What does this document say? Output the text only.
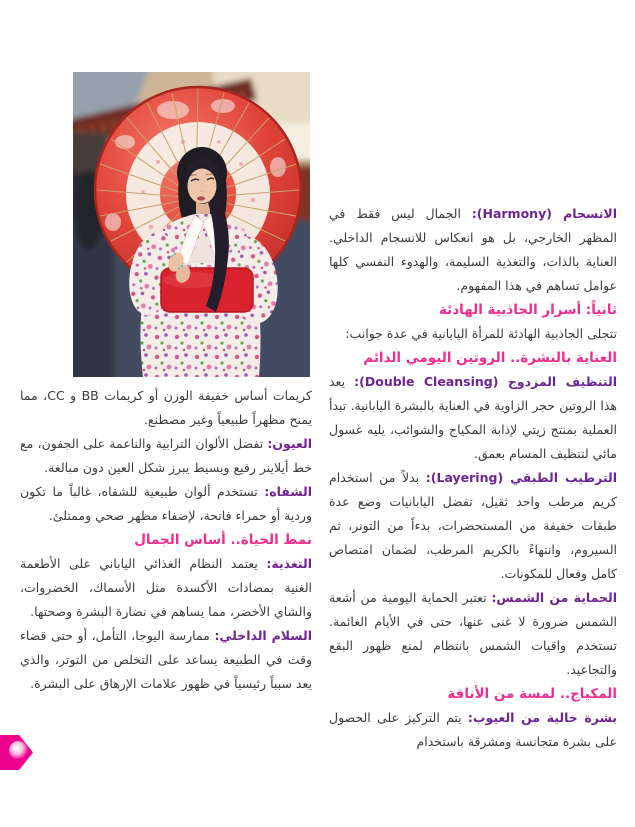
الانسجام (Harmony): الجمال ليس فقط في المظهر الخارجي، بل هو انعكاس للانسجام الداخلي. العناية بالذات، والتغذية السليمة، والهدوء النفسي كلها عوامل تساهم في هذا المفهوم.

ثانياً: أسرار الجاذبية الهادئة

تتجلى الجاذبية الهادئة للمرأة اليابانية في عدة جوانب:

العناية بالبشرة.. الروتين اليومي الدائم

التنظيف المزدوج (Double Cleansing): يعد هذا الروتين حجر الزاوية في العناية بالبشرة اليابانية. تبدأ العملية بمنتج زيتي لإذابة المكياج والشوائب، يليه غسول مائي لتنظيف المسام بعمق.

الترطيب الطبقي (Layering): بدلاً من استخدام كريم مرطب واحد ثقيل، تفضل اليابانيات وضع عدة طبقات خفيفة من المستحضرات، بدءاً من التونر، ثم السيروم، وانتهاءً بالكريم المرطب، لضمان امتصاص كامل وفعال للمكونات.

الحماية من الشمس: تعتبر الحماية اليومية من أشعة الشمس ضرورة لا غنى عنها، حتى في الأيام الغائمة. تستخدم واقيات الشمس بانتظام لمنع ظهور البقع والتجاعيد.

المكياج.. لمسة من الأناقة

بشرة خالية من العيوب: يتم التركيز على الحصول على بشرة متجانسة ومشرقة باستخدام

كريمات أساس خفيفة الوزن أو كريمات BB و CC، مما يمنح مظهراً طبيعياً وغير مصطنع.

العيون: تفضل الألوان الترابية والناعمة على الجفون، مع خط أيلاينر رفيع وبسيط يبرز شكل العين دون مبالغة.

الشفاه: تستخدم ألوان طبيعية للشفاه، غالباً ما تكون وردية أو حمراء فاتحة، لإضفاء مظهر صحي وممتلئ.

نمط الحياة.. أساس الجمال

التغذية: يعتمد النظام الغذائي الياباني على الأطعمة الغنية بمضادات الأكسدة مثل الأسماك، الخضروات، والشاي الأخضر، مما يساهم في نضارة البشرة وصحتها.

السلام الداخلي: ممارسة اليوجا، التأمل، أو حتى قضاء وقت في الطبيعة يساعد على التخلص من التوتر، والذي يعد سبباً رئيسياً في ظهور علامات الإرهاق على البشرة.
